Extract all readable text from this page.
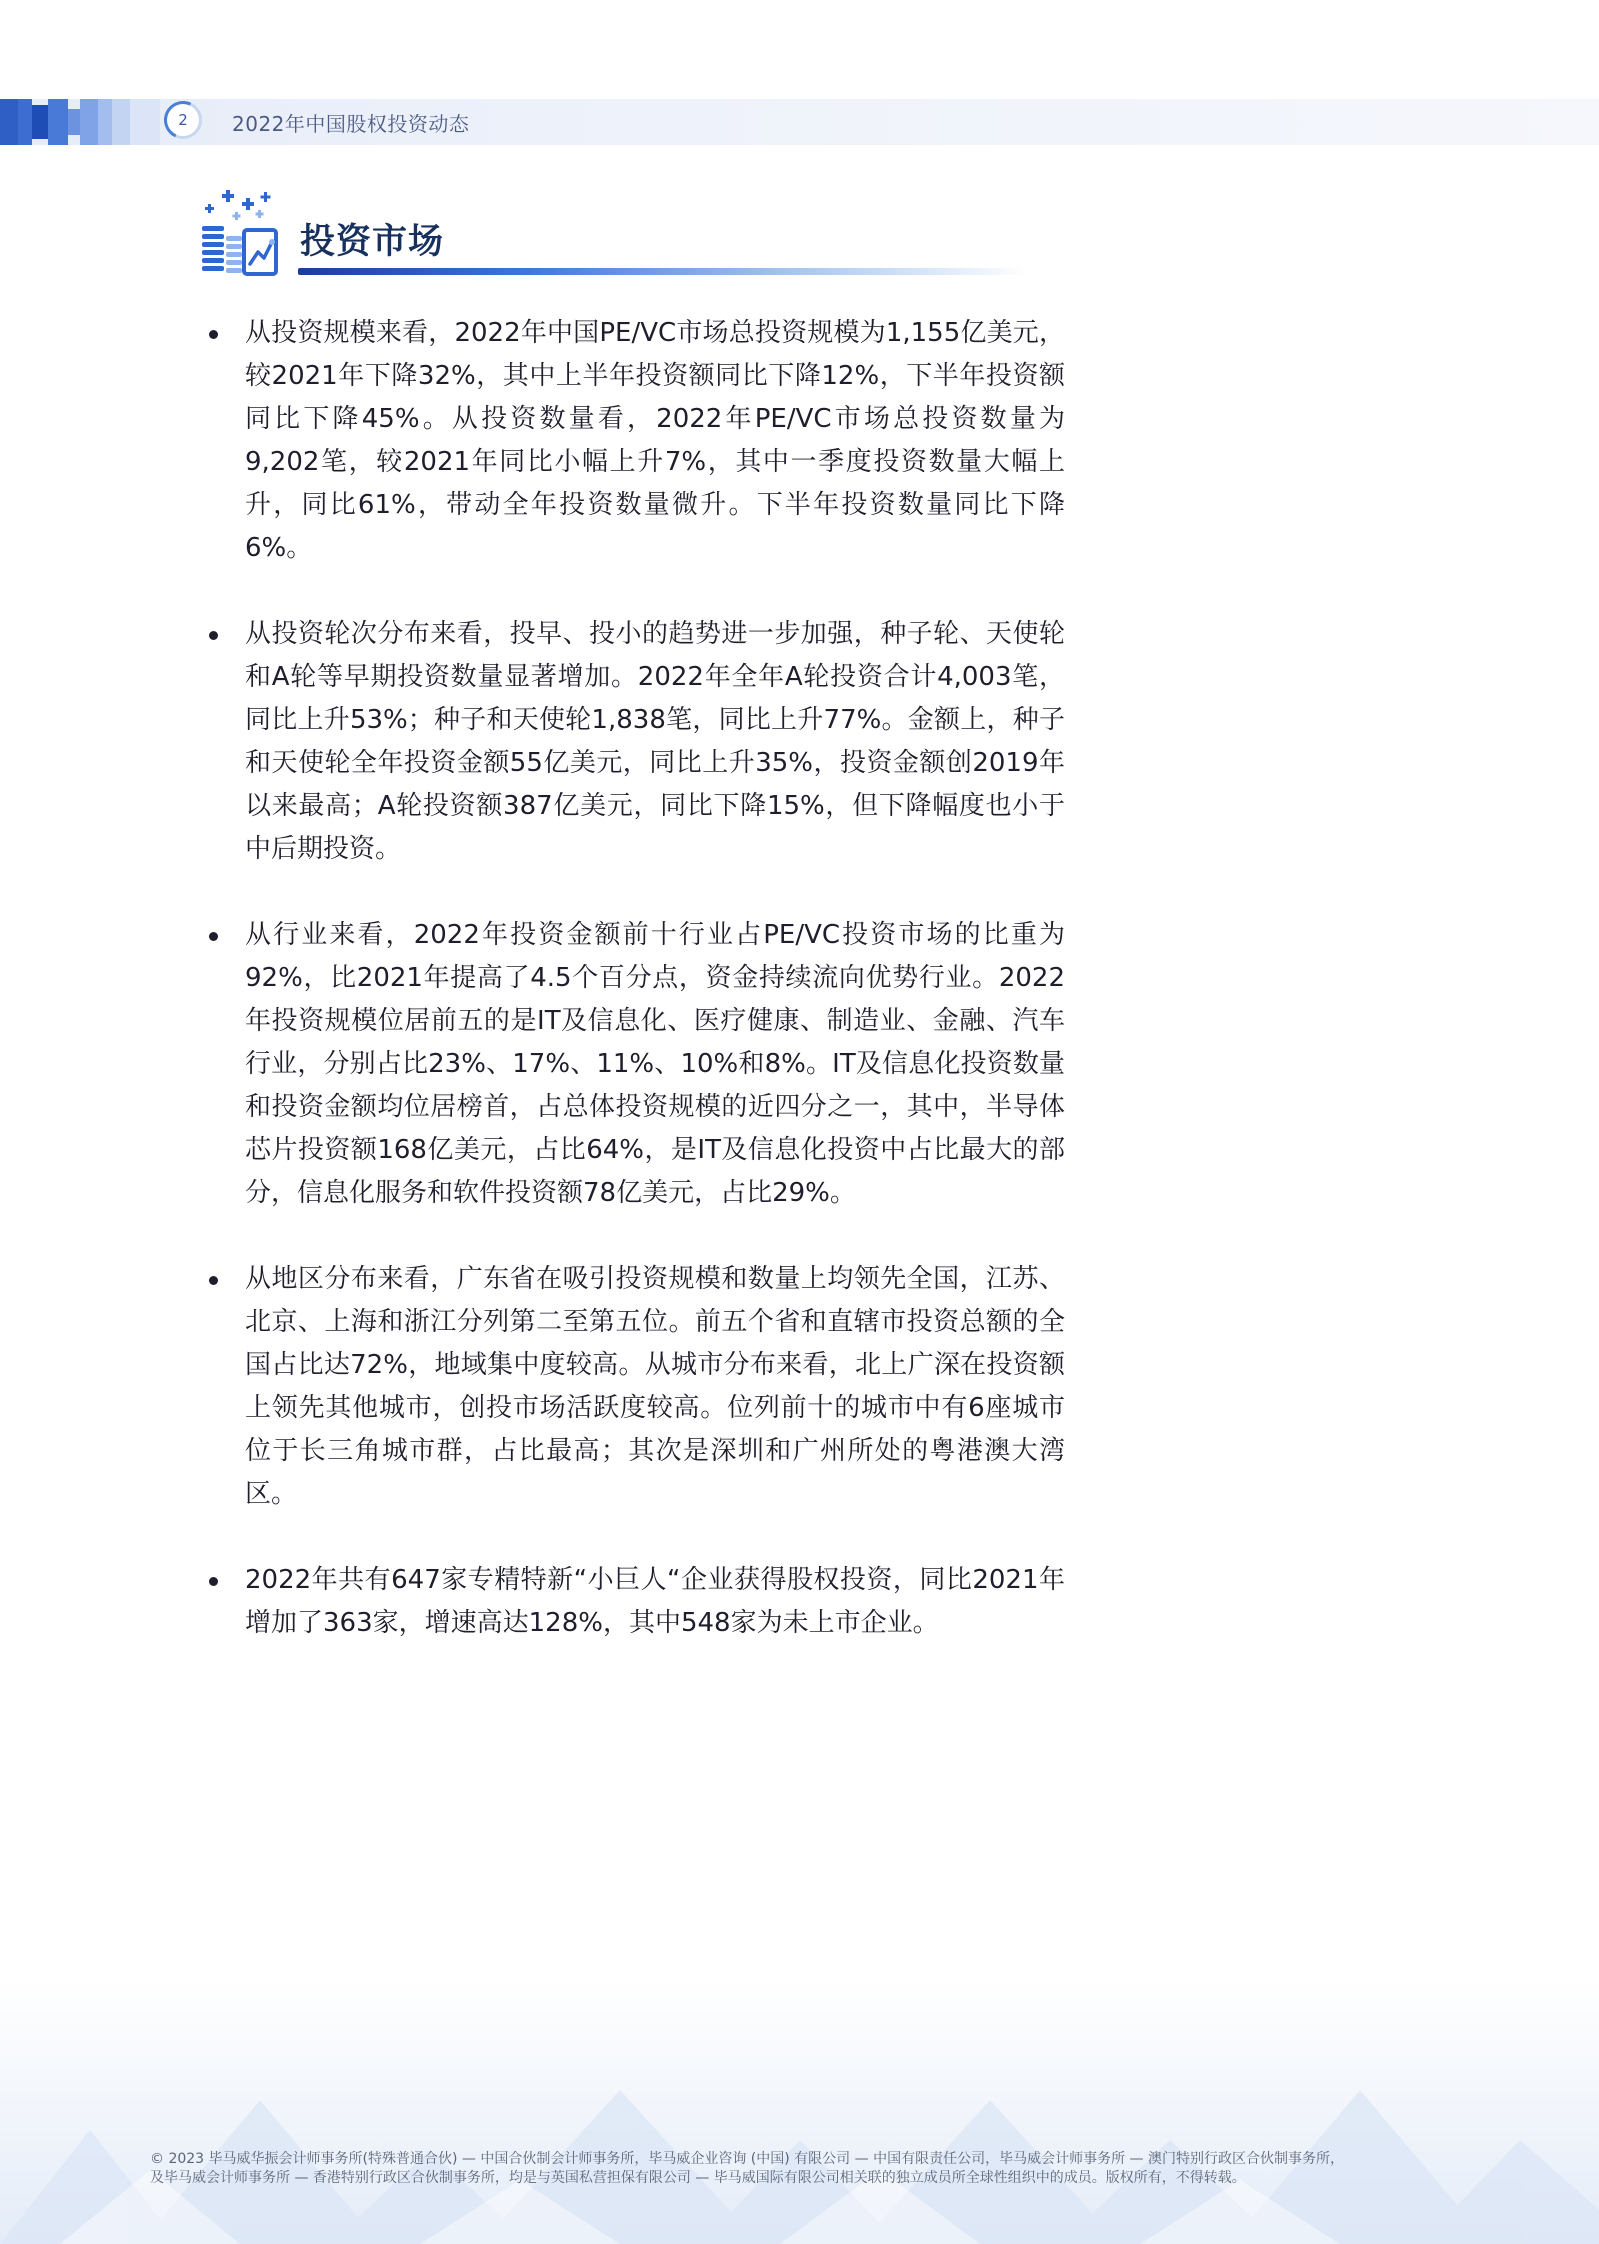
2	2022年中国股权投资动态
投资市场
从投资规模来看，2022年中国PE/VC市场总投资规模为1,155亿美元，较2021年下降32%，其中上半年投资额同比下降12%，下半年投资额同比下降45%。从投资数量看，2022年PE/VC市场总投资数量为9,202笔，较2021年同比小幅上升7%，其中一季度投资数量大幅上升，同比61%，带动全年投资数量微升。下半年投资数量同比下降6%。
从投资轮次分布来看，投早、投小的趋势进一步加强，种子轮、天使轮和A轮等早期投资数量显著增加。2022年全年A轮投资合计4,003笔，同比上升53%；种子和天使轮1,838笔，同比上升77%。金额上，种子和天使轮全年投资金额55亿美元，同比上升35%，投资金额创2019年以来最高；A轮投资额387亿美元，同比下降15%，但下降幅度也小于中后期投资。
从行业来看，2022年投资金额前十行业占PE/VC投资市场的比重为92%，比2021年提高了4.5个百分点，资金持续流向优势行业。2022年投资规模位居前五的是IT及信息化、医疗健康、制造业、金融、汽车行业，分别占比23%、17%、11%、10%和8%。IT及信息化投资数量和投资金额均位居榜首，占总体投资规模的近四分之一，其中，半导体芯片投资额168亿美元，占比64%，是IT及信息化投资中占比最大的部分，信息化服务和软件投资额78亿美元，占比29%。
从地区分布来看，广东省在吸引投资规模和数量上均领先全国，江苏、北京、上海和浙江分列第二至第五位。前五个省和直辖市投资总额的全国占比达72%，地域集中度较高。从城市分布来看，北上广深在投资额上领先其他城市，创投市场活跃度较高。位列前十的城市中有6座城市位于长三角城市群，占比最高；其次是深圳和广州所处的粤港澳大湾区。
2022年共有647家专精特新“小巨人“企业获得股权投资，同比2021年增加了363家，增速高达128%，其中548家为未上市企业。
© 2023 毕马威华振会计师事务所(特殊普通合伙) — 中国合伙制会计师事务所，毕马威企业咨询 (中国) 有限公司 — 中国有限责任公司，毕马威会计师事务所 — 澳门特别行政区合伙制事务所，
及毕马威会计师事务所 — 香港特别行政区合伙制事务所，均是与英国私营担保有限公司 — 毕马威国际有限公司相关联的独立成员所全球性组织中的成员。版权所有，不得转载。
